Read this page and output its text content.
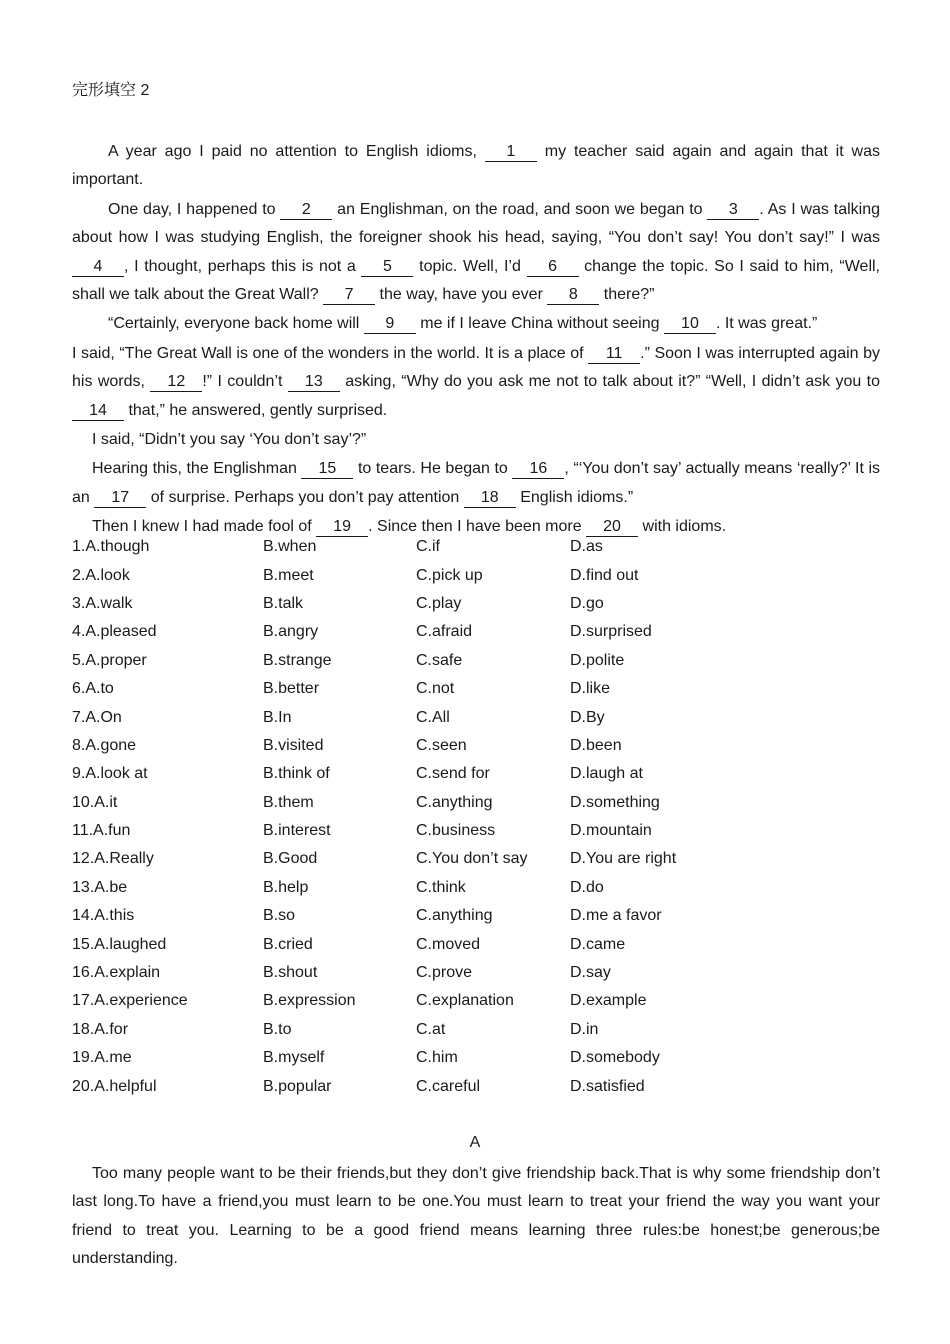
完形填空 2

A year ago I paid no attention to English idioms, 1 my teacher said again and again that it was important.

One day, I happened to 2 an Englishman, on the road, and soon we began to 3 . As I was talking about how I was studying English, the foreigner shook his head, saying, “You don’t say! You don’t say!” I was 4 , I thought, perhaps this is not a 5 topic. Well, I’d 6 change the topic. So I said to him, “Well, shall we talk about the Great Wall? 7 the way, have you ever 8 there?”

“Certainly, everyone back home will 9 me if I leave China without seeing 10 . It was great.”

I said, “The Great Wall is one of the wonders in the world. It is a place of 11 .” Soon I was interrupted again by his words, 12 !” I couldn’t 13 asking, “Why do you ask me not to talk about it?” “Well, I didn’t ask you to 14 that,” he answered, gently surprised.

I said, “Didn’t you say ‘You don’t say’?”

Hearing this, the Englishman 15 to tears. He began to 16 , “‘You don’t say’ actually means ‘really?’ It is an 17 of surprise. Perhaps you don’t pay attention 18 English idioms.”

Then I knew I had made fool of 19 . Since then I have been more 20 with idioms.

1.A.though	B.when	C.if	D.as
2.A.look	B.meet	C.pick up	D.find out
3.A.walk	B.talk	C.play	D.go
4.A.pleased	B.angry	C.afraid	D.surprised
5.A.proper	B.strange	C.safe	D.polite
6.A.to	B.better	C.not	D.like
7.A.On	B.In	C.All	D.By
8.A.gone	B.visited	C.seen	D.been
9.A.look at	B.think of	C.send for	D.laugh at
10.A.it	B.them	C.anything	D.something
11.A.fun	B.interest	C.business	D.mountain
12.A.Really	B.Good	C.You don’t say	D.You are right
13.A.be	B.help	C.think	D.do
14.A.this	B.so	C.anything	D.me a favor
15.A.laughed	B.cried	C.moved	D.came
16.A.explain	B.shout	C.prove	D.say
17.A.experience	B.expression	C.explanation	D.example
18.A.for	B.to	C.at	D.in
19.A.me	B.myself	C.him	D.somebody
20.A.helpful	B.popular	C.careful	D.satisfied
A

Too many people want to be their friends,but they don’t give friendship back.That is why some friendship don’t last long.To have a friend,you must learn to be one.You must learn to treat your friend the way you want your friend to treat you. Learning to be a good friend means learning three rules:be honest;be generous;be understanding.
